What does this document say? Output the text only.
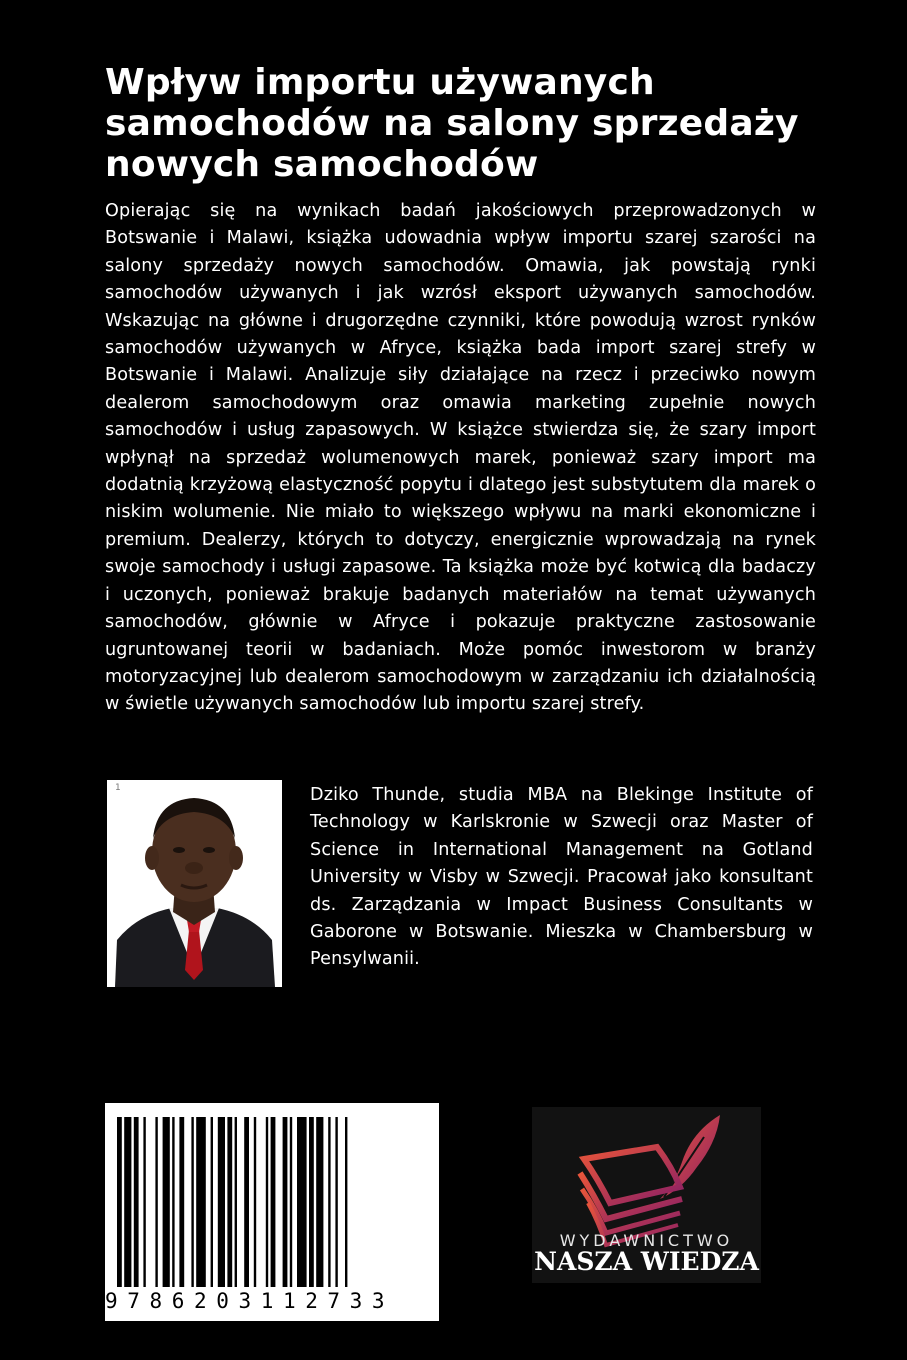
Wpływ importu używanych samochodów na salony sprzedaży nowych samochodów

Opierając się na wynikach badań jakościowych przeprowadzonych w Botswanie i Malawi, książka udowadnia wpływ importu szarej szarości na salony sprzedaży nowych samochodów. Omawia, jak powstają rynki samochodów używanych i jak wzrósł eksport używanych samochodów. Wskazując na główne i drugorzędne czynniki, które powodują wzrost rynków samochodów używanych w Afryce, książka bada import szarej strefy w Botswanie i Malawi. Analizuje siły działające na rzecz i przeciwko nowym dealerom samochodowym oraz omawia marketing zupełnie nowych samochodów i usług zapasowych. W książce stwierdza się, że szary import wpłynął na sprzedaż wolumenowych marek, ponieważ szary import ma dodatnią krzyżową elastyczność popytu i dlatego jest substytutem dla marek o niskim wolumenie. Nie miało to większego wpływu na marki ekonomiczne i premium. Dealerzy, których to dotyczy, energicznie wprowadzają na rynek swoje samochody i usługi zapasowe. Ta książka może być kotwicą dla badaczy i uczonych, ponieważ brakuje badanych materiałów na temat używanych samochodów, głównie w Afryce i pokazuje praktyczne zastosowanie ugruntowanej teorii w badaniach. Może pomóc inwestorom w branży motoryzacyjnej lub dealerom samochodowym w zarządzaniu ich działalnością w świetle używanych samochodów lub importu szarej strefy.

1	Dziko Thunde, studia MBA na Blekinge Institute of Technology w Karlskronie w Szwecji oraz Master of Science in International Management na Gotland University w Visby w Szwecji. Pracował jako konsultant ds. Zarządzania w Impact Business Consultants w Gaborone w Botswanie. Mieszka w Chambersburg w Pensylwanii.

9786203112733
WYDAWNICTWO
NASZA WIEDZA
